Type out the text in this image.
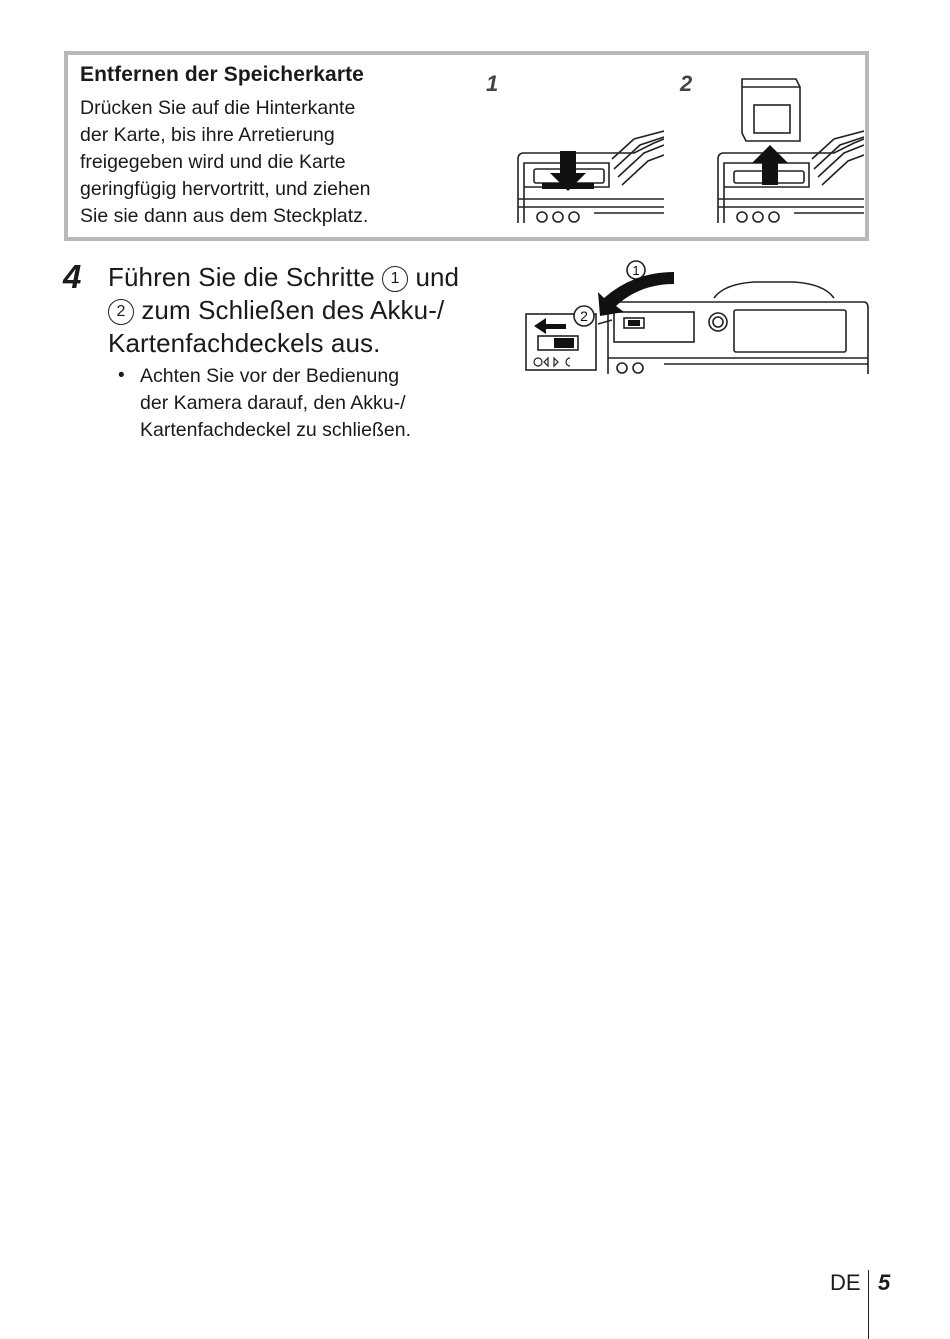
Entfernen der Speicherkarte
Drücken Sie auf die Hinterkante
der Karte, bis ihre Arretierung
freigegeben wird und die Karte
geringfügig hervortritt, und ziehen
Sie sie dann aus dem Steckplatz.
1	2
4 Führen Sie die Schritte 1 und
2 zum Schließen des Akku-/
Kartenfachdeckels aus.
• Achten Sie vor der Bedienung
der Kamera darauf, den Akku-/
Kartenfachdeckel zu schließen.
1
2
DE 5
